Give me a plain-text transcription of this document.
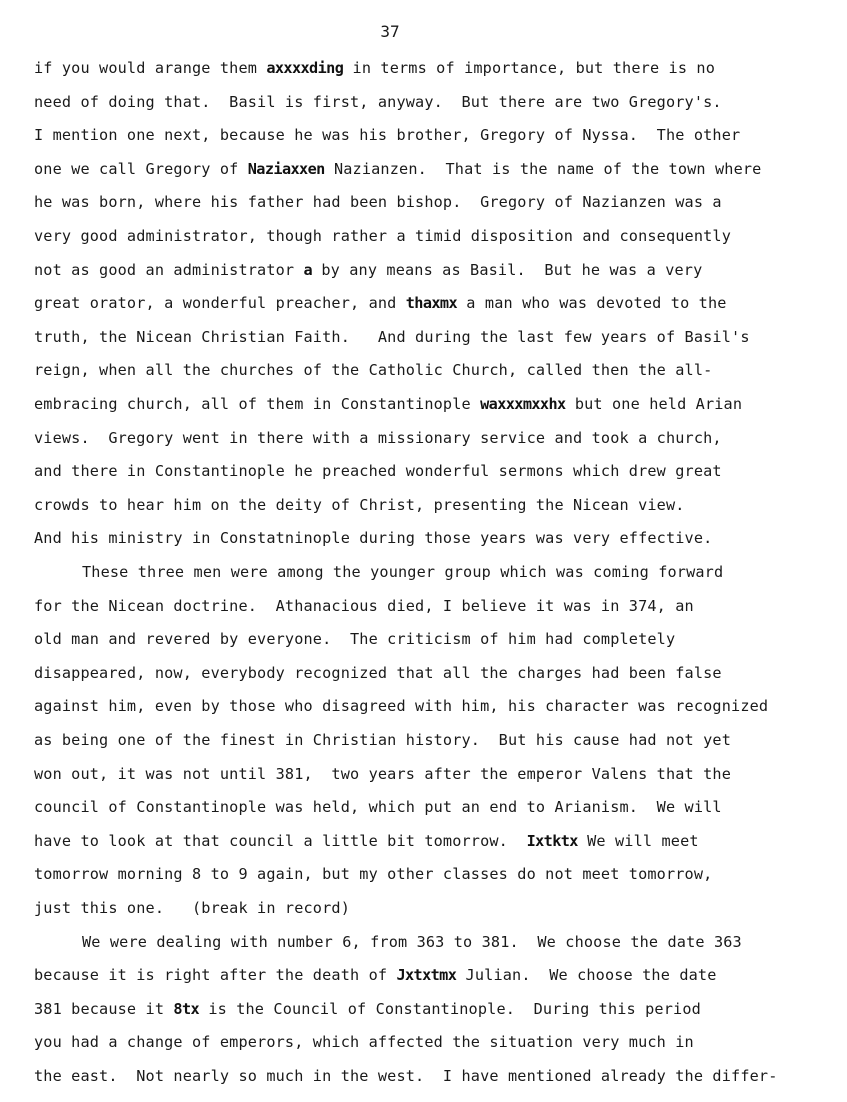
37
if you would arange them axxxxding in terms of importance, but there is no
need of doing that.  Basil is first, anyway.  But there are two Gregory's.
I mention one next, because he was his brother, Gregory of Nyssa.  The other
one we call Gregory of Naziaxxen Nazianzen.  That is the name of the town where
he was born, where his father had been bishop.  Gregory of Nazianzen was a
very good administrator, though rather a timid disposition and consequently
not as good an administrator a by any means as Basil.  But he was a very
great orator, a wonderful preacher, and thaxmx a man who was devoted to the
truth, the Nicean Christian Faith.   And during the last few years of Basil's
reign, when all the churches of the Catholic Church, called then the all-
embracing church, all of them in Constantinople waxxxmxxhx but one held Arian
views.  Gregory went in there with a missionary service and took a church,
and there in Constantinople he preached wonderful sermons which drew great
crowds to hear him on the deity of Christ, presenting the Nicean view.
And his ministry in Constatninople during those years was very effective.
These three men were among the younger group which was coming forward
for the Nicean doctrine.  Athanacious died, I believe it was in 374, an
old man and revered by everyone.  The criticism of him had completely
disappeared, now, everybody recognized that all the charges had been false
against him, even by those who disagreed with him, his character was recognized
as being one of the finest in Christian history.  But his cause had not yet
won out, it was not until 381,  two years after the emperor Valens that the
council of Constantinople was held, which put an end to Arianism.  We will
have to look at that council a little bit tomorrow.  Ixtktx We will meet
tomorrow morning 8 to 9 again, but my other classes do not meet tomorrow,
just this one.   (break in record)
We were dealing with number 6, from 363 to 381.  We choose the date 363
because it is right after the death of Jxtxtmx Julian.  We choose the date
381 because it 8tx is the Council of Constantinople.  During this period
you had a change of emperors, which affected the situation very much in
the east.  Not nearly so much in the west.  I have mentioned already the differ-
